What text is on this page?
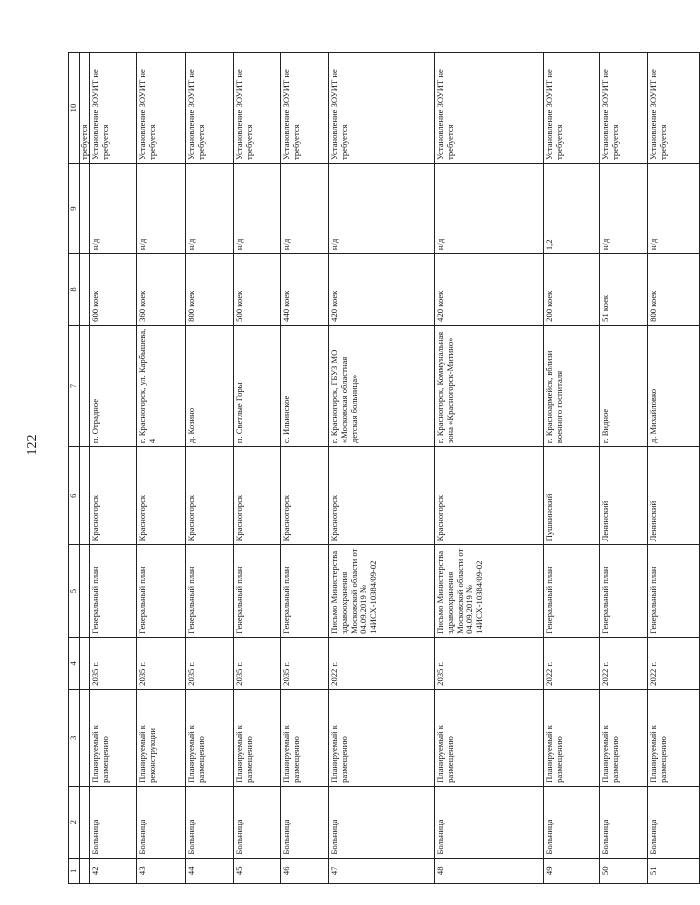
122
1	2	3	4	5	6	7	8	9	10
									требуется
42	Больница	Планируемый к размещению	2035 г.	Генеральный план	Красногорск	п. Отрадное	600 коек	н/д	Установление ЗОУИТ не требуется
43	Больница	Планируемый к реконструкции	2035 г.	Генеральный план	Красногорск	г. Красногорск, ул. Карбышева, 4	360 коек	н/д	Установление ЗОУИТ не требуется
44	Больница	Планируемый к размещению	2035 г.	Генеральный план	Красногорск	д. Козино	800 коек	н/д	Установление ЗОУИТ не требуется
45	Больница	Планируемый к размещению	2035 г.	Генеральный план	Красногорск	п. Светлые Горы	500 коек	н/д	Установление ЗОУИТ не требуется
46	Больница	Планируемый к размещению	2035 г.	Генеральный план	Красногорск	с. Ильинское	440 коек	н/д	Установление ЗОУИТ не требуется
47	Больница	Планируемый к размещению	2022 г.	Письмо Министерства здравоохранения Московской области от 04.09.2019 № 14ИСХ-10384/09-02	Красногорск	г. Красногорск, ГБУЗ МО «Московская областная детская больница»	420 коек	н/д	Установление ЗОУИТ не требуется
48	Больница	Планируемый к размещению	2035 г.	Письмо Министерства здравоохранения Московской области от 04.09.2019 № 14ИСХ-10384/09-02	Красногорск	г. Красногорск, Коммунальная зона «Красногорск-Митино»	420 коек	н/д	Установление ЗОУИТ не требуется
49	Больница	Планируемый к размещению	2022 г.	Генеральный план	Пушкинский	г. Красноармейск, вблизи военного госпиталя	200 коек	1,2	Установление ЗОУИТ не требуется
50	Больница	Планируемый к размещению	2022 г.	Генеральный план	Ленинский	г. Видное	51 коек	н/д	Установление ЗОУИТ не требуется
51	Больница	Планируемый к размещению	2022 г.	Генеральный план	Ленинский	д. Михайловко	800 коек	н/д	Установление ЗОУИТ не требуется
